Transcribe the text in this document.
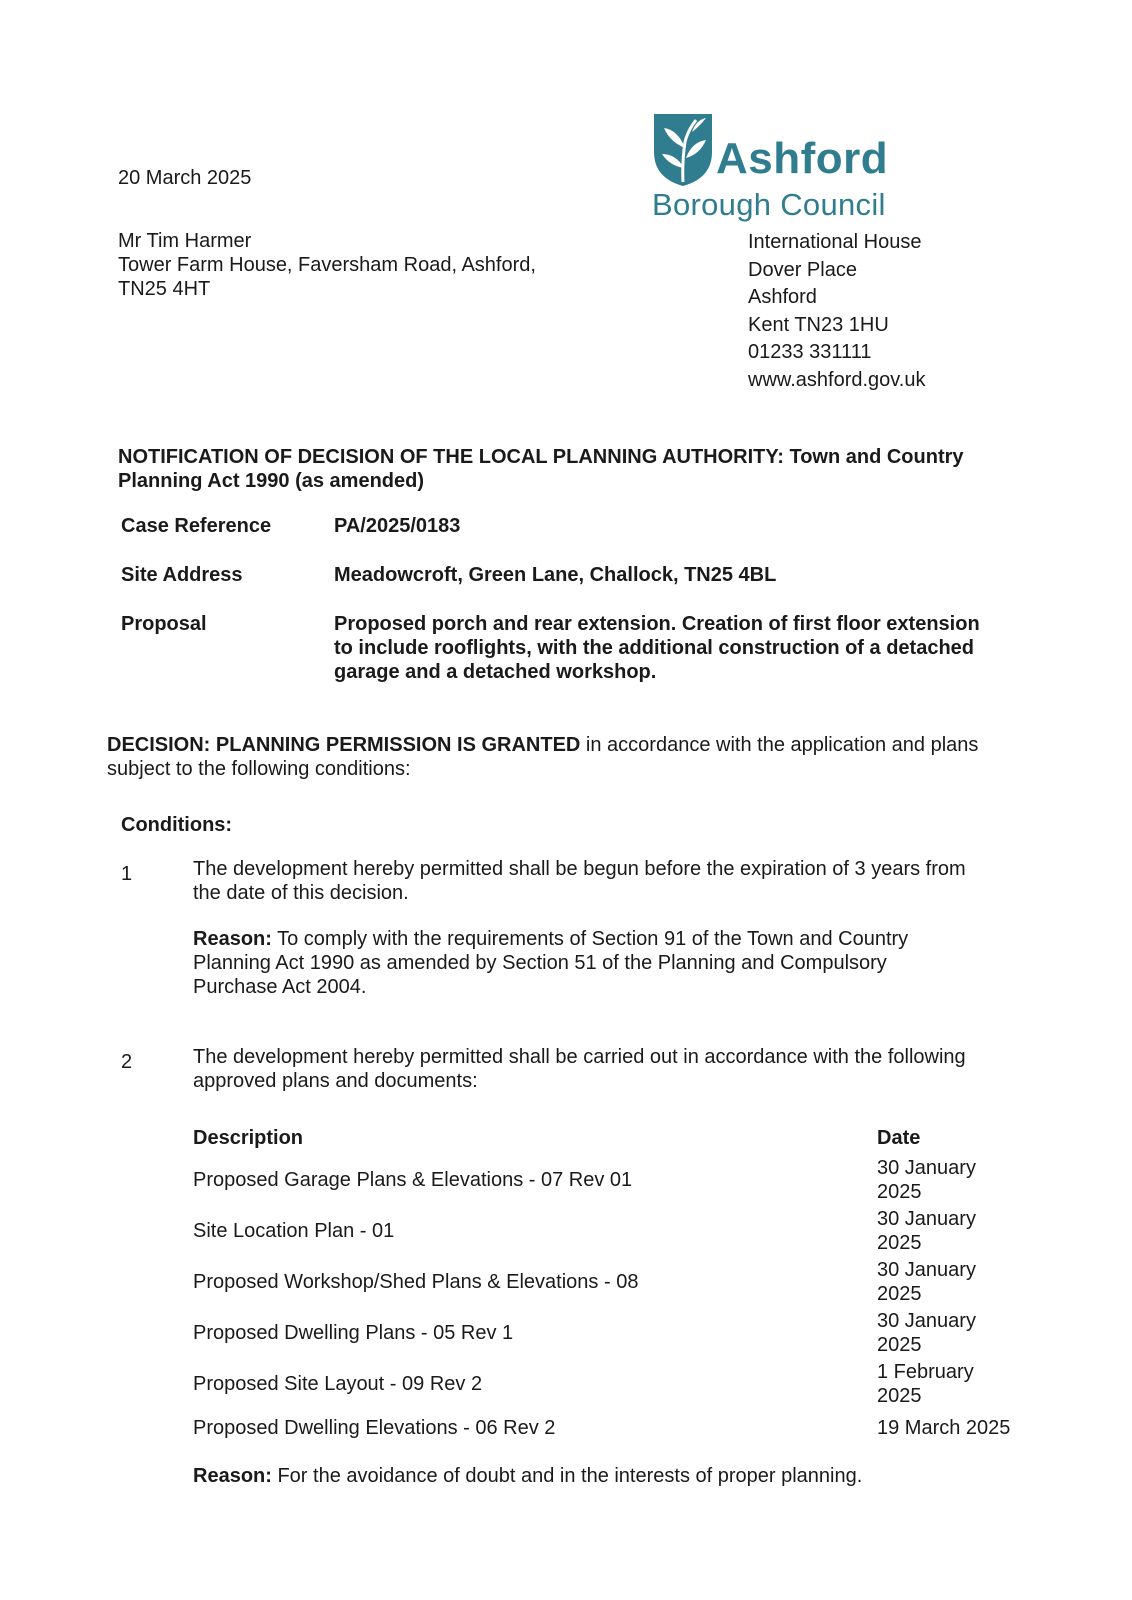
20 March 2025
Mr Tim Harmer
Tower Farm House, Faversham Road, Ashford,
TN25 4HT
Ashford
Borough Council
International House
Dover Place
Ashford
Kent TN23 1HU
01233 331111
www.ashford.gov.uk
NOTIFICATION OF DECISION OF THE LOCAL PLANNING AUTHORITY: Town and Country
Planning Act 1990 (as amended)
Case Reference	PA/2025/0183
Site Address	Meadowcroft, Green Lane, Challock, TN25 4BL
Proposal	Proposed porch and rear extension. Creation of first floor extension
to include rooflights, with the additional construction of a detached
garage and a detached workshop.
DECISION: PLANNING PERMISSION IS GRANTED in accordance with the application and plans
subject to the following conditions:
Conditions:
1	The development hereby permitted shall be begun before the expiration of 3 years from
the date of this decision.
Reason: To comply with the requirements of Section 91 of the Town and Country
Planning Act 1990 as amended by Section 51 of the Planning and Compulsory
Purchase Act 2004.
2	The development hereby permitted shall be carried out in accordance with the following
approved plans and documents:
Description	Date
Proposed Garage Plans & Elevations - 07 Rev 01	30 January
2025

Site Location Plan - 01	30 January
2025

Proposed Workshop/Shed Plans & Elevations - 08	30 January
2025

Proposed Dwelling Plans - 05 Rev 1	30 January
2025

Proposed Site Layout - 09 Rev 2	1 February
2025

Proposed Dwelling Elevations - 06 Rev 2	19 March 2025
Reason: For the avoidance of doubt and in the interests of proper planning.
